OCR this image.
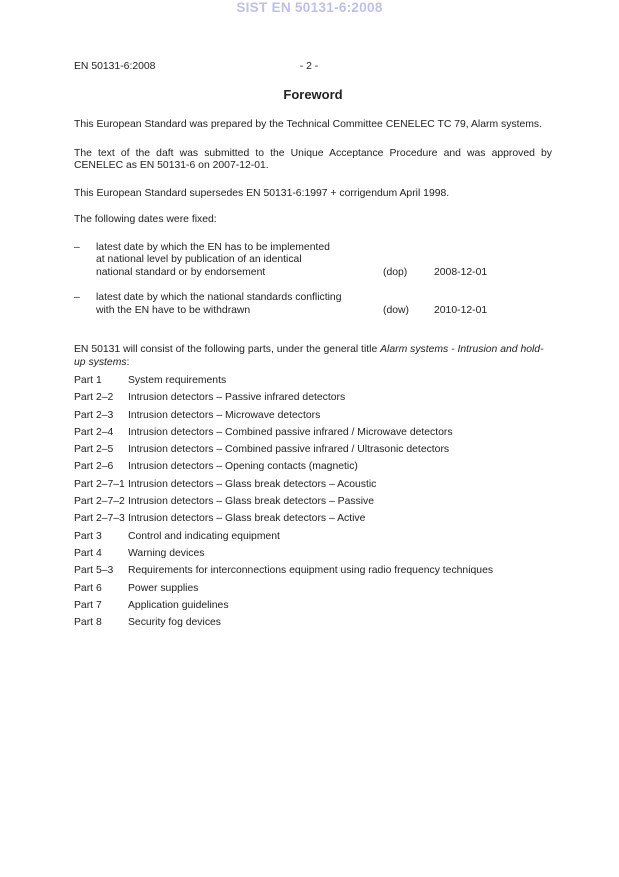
SIST EN 50131-6:2008
EN 50131-6:2008	- 2 -
Foreword

This European Standard was prepared by the Technical Committee CENELEC TC 79, Alarm systems.

The text of the daft was submitted to the Unique Acceptance Procedure and was approved by CENELEC as EN 50131-6 on 2007-12-01.

This European Standard supersedes EN 50131-6:1997 + corrigendum April 1998.

The following dates were fixed:

–	latest date by which the EN has to be implemented
at national level by publication of an identical
national standard or by endorsement	(dop)	2008-12-01
–	latest date by which the national standards conflicting
with the EN have to be withdrawn	(dow)	2010-12-01

EN 50131 will consist of the following parts, under the general title Alarm systems - Intrusion and hold-up systems:

Part 1	System requirements
Part 2–2	Intrusion detectors – Passive infrared detectors
Part 2–3	Intrusion detectors – Microwave detectors
Part 2–4	Intrusion detectors – Combined passive infrared / Microwave detectors
Part 2–5	Intrusion detectors – Combined passive infrared / Ultrasonic detectors
Part 2–6	Intrusion detectors – Opening contacts (magnetic)
Part 2–7–1 Intrusion detectors – Glass break detectors – Acoustic
Part 2–7–2 Intrusion detectors – Glass break detectors – Passive
Part 2–7–3 Intrusion detectors – Glass break detectors – Active
Part 3	Control and indicating equipment
Part 4	Warning devices
Part 5–3	Requirements for interconnections equipment using radio frequency techniques
Part 6	Power supplies
Part 7	Application guidelines
Part 8	Security fog devices
